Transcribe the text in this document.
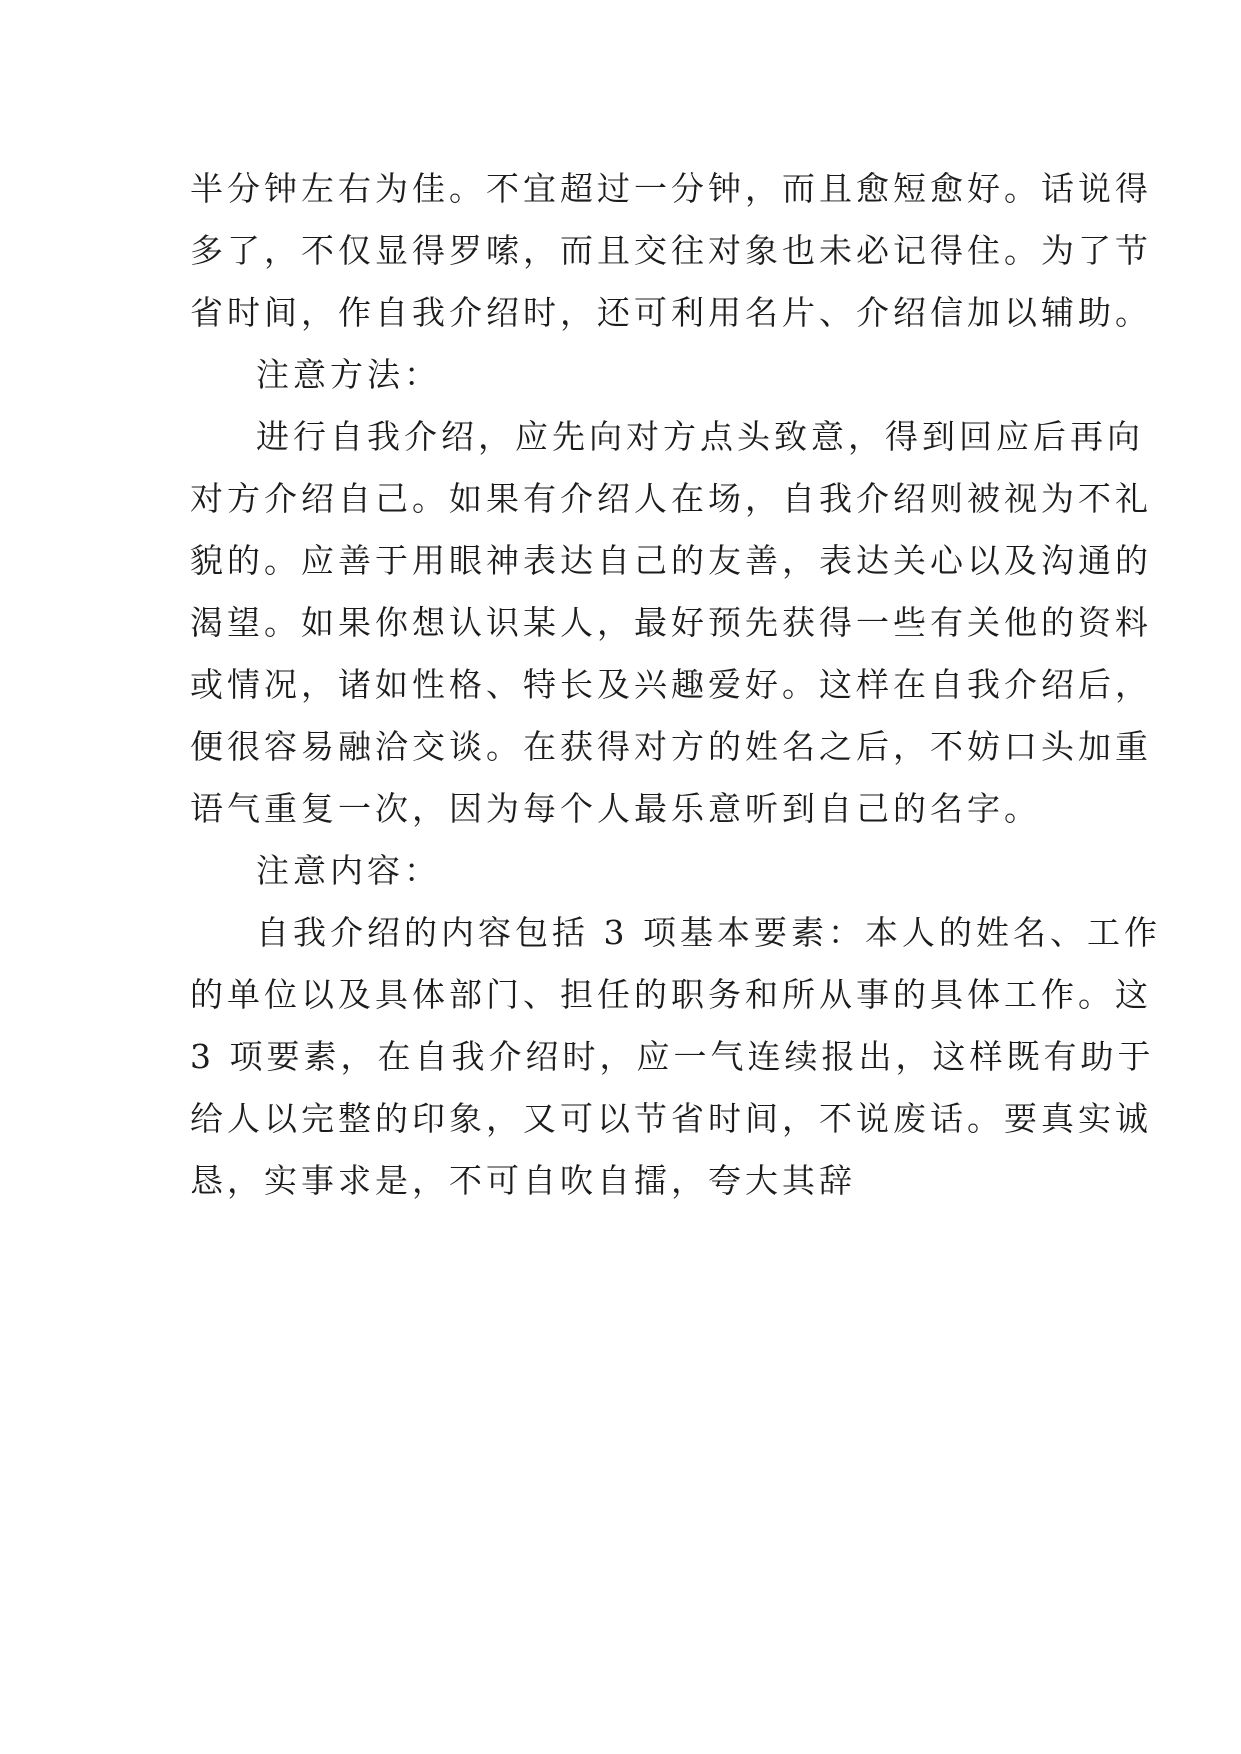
半分钟左右为佳。不宜超过一分钟，而且愈短愈好。话说得
多了，不仅显得罗嗦，而且交往对象也未必记得住。为了节
省时间，作自我介绍时，还可利用名片、介绍信加以辅助。
注意方法：
进行自我介绍，应先向对方点头致意，得到回应后再向
对方介绍自己。如果有介绍人在场，自我介绍则被视为不礼
貌的。应善于用眼神表达自己的友善，表达关心以及沟通的
渴望。如果你想认识某人，最好预先获得一些有关他的资料
或情况，诸如性格、特长及兴趣爱好。这样在自我介绍后，
便很容易融洽交谈。在获得对方的姓名之后，不妨口头加重
语气重复一次，因为每个人最乐意听到自己的名字。
注意内容：
自我介绍的内容包括 3 项基本要素：本人的姓名、工作
的单位以及具体部门、担任的职务和所从事的具体工作。这
3 项要素，在自我介绍时，应一气连续报出，这样既有助于
给人以完整的印象，又可以节省时间，不说废话。要真实诚
恳，实事求是，不可自吹自擂，夸大其辞
